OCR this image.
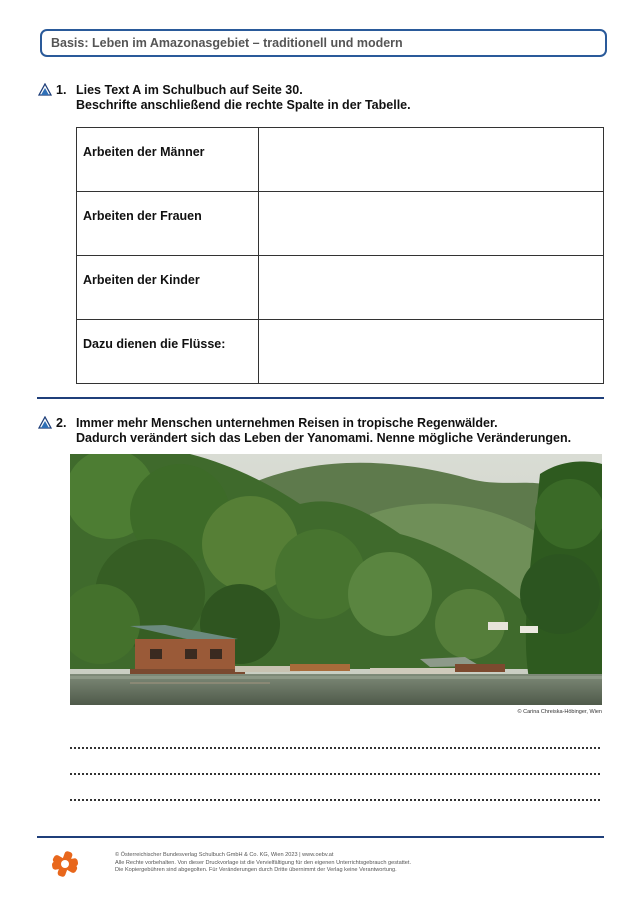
Basis: Leben im Amazonasgebiet – traditionell und modern
1. Lies Text A im Schulbuch auf Seite 30.
Beschrifte anschließend die rechte Spalte in der Tabelle.
Arbeiten der Männer	
Arbeiten der Frauen	
Arbeiten der Kinder	
Dazu dienen die Flüsse:	
2. Immer mehr Menschen unternehmen Reisen in tropische Regenwälder.
Dadurch verändert sich das Leben der Yanomami. Nenne mögliche Veränderungen.
© Carina Chreiska-Höbinger, Wien
© Österreichischer Bundesverlag Schulbuch GmbH & Co. KG, Wien 2023 | www.oebv.at
Alle Rechte vorbehalten. Von dieser Druckvorlage ist die Vervielfältigung für den eigenen Unterrichtsgebrauch gestattet.
Die Kopiergebühren sind abgegolten. Für Veränderungen durch Dritte übernimmt der Verlag keine Verantwortung.
